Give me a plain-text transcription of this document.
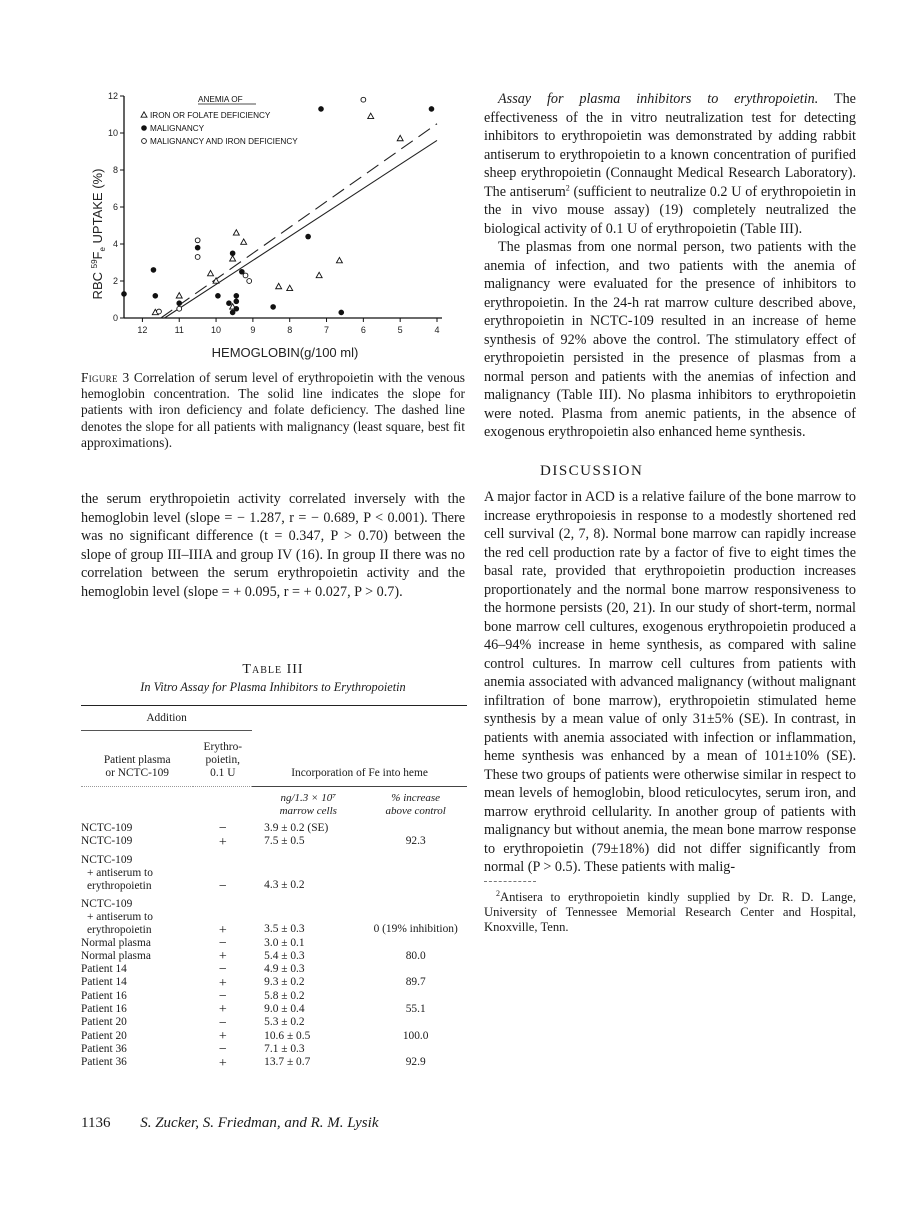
12	11	10	9	8	7	6	5	4
0
2
4
6
8
10
12	ANEMIA OF
IRON OR FOLATE DEFICIENCY
MALIGNANCY
MALIGNANCY AND IRON DEFICIENCY
RBC $^{59}F_e$ UPTAKE (%)
HEMOGLOBIN(g/100 ml)
Figure 3 Correlation of serum level of erythropoietin with the venous hemoglobin concentration. The solid line indicates the slope for patients with iron deficiency and folate deficiency. The dashed line denotes the slope for all patients with malignancy (least square, best fit approximations).
the serum erythropoietin activity correlated inversely with the hemoglobin level (slope = − 1.287, r = − 0.689, P < 0.001). There was no significant difference (t = 0.347, P > 0.70) between the slope of group III–IIIA and group IV (16). In group II there was no correlation between the serum erythropoietin activity and the hemoglobin level (slope = + 0.095, r = + 0.027, P > 0.7).
Table III
In Vitro Assay for Plasma Inhibitors to Erythropoietin
Addition			

Patient plasma
or NCTC-109	Erythro-
poietin,
0.1 U	Incorporation of Fe into heme	

		ng/1.3 × 10⁷
marrow cells	% increase
above control

NCTC-109	−	3.9 ± 0.2 (SE)	
NCTC-109	+	7.5 ± 0.5	92.3

NCTC-109
+ antiserum to
erythropoietin	−	4.3 ± 0.2	

NCTC-109
+ antiserum to
erythropoietin	+	3.5 ± 0.3	0 (19% inhibition)
Normal plasma	−	3.0 ± 0.1	
Normal plasma	+	5.4 ± 0.3	80.0
Patient 14	−	4.9 ± 0.3	
Patient 14	+	9.3 ± 0.2	89.7
Patient 16	−	5.8 ± 0.2	
Patient 16	+	9.0 ± 0.4	55.1
Patient 20	−	5.3 ± 0.2	
Patient 20	+	10.6 ± 0.5	100.0
Patient 36	−	7.1 ± 0.3	
Patient 36	+	13.7 ± 0.7	92.9

Assay for plasma inhibitors to erythropoietin. The effectiveness of the in vitro neutralization test for detecting inhibitors to erythropoietin was demonstrated by adding rabbit antiserum to erythropoietin to a known concentration of purified sheep erythropoietin (Connaught Medical Research Laboratory). The antiserum$^2$ (sufficient to neutralize 0.2 U of erythropoietin in the in vivo mouse assay) (19) completely neutralized the biological activity of 0.1 U of erythropoietin (Table III).

The plasmas from one normal person, two patients with the anemia of infection, and two patients with the anemia of malignancy were evaluated for the presence of inhibitors to erythropoietin. In the 24-h rat marrow culture described above, erythropoietin in NCTC-109 resulted in an increase of heme synthesis of 92% above the control. The stimulatory effect of erythropoietin persisted in the presence of plasmas from a normal person and patients with the anemias of infection and malignancy (Table III). No plasma inhibitors to erythropoietin were noted. Plasma from anemic patients, in the absence of exogenous erythropoietin also enhanced heme synthesis.

DISCUSSION

A major factor in ACD is a relative failure of the bone marrow to increase erythropoiesis in response to a modestly shortened red cell survival (2, 7, 8). Normal bone marrow can rapidly increase the red cell production rate by a factor of five to eight times the basal rate, provided that erythropoietin production increases proportionately and the normal bone marrow responsiveness to the hormone persists (20, 21). In our study of short-term, normal bone marrow cell cultures, exogenous erythropoietin produced a 46–94% increase in heme synthesis, as compared with saline control cultures. In marrow cell cultures from patients with anemia associated with advanced malignancy (without malignant infiltration of bone marrow), erythropoietin stimulated heme synthesis by a mean value of only 31±5% (SE). In contrast, in patients with anemia associated with infection or inflammation, heme synthesis was enhanced by a mean of 101±10% (SE). These two groups of patients were otherwise similar in respect to mean levels of hemoglobin, blood reticulocytes, serum iron, and marrow erythroid cellularity. In another group of patients with malignancy but without anemia, the mean bone marrow response to erythropoietin (79±18%) did not differ significantly from normal (P > 0.5). These patients with malig-

$^2$Antisera to erythropoietin kindly supplied by Dr. R. D. Lange, University of Tennessee Memorial Research Center and Hospital, Knoxville, Tenn.

1136 S. Zucker, S. Friedman, and R. M. Lysik
